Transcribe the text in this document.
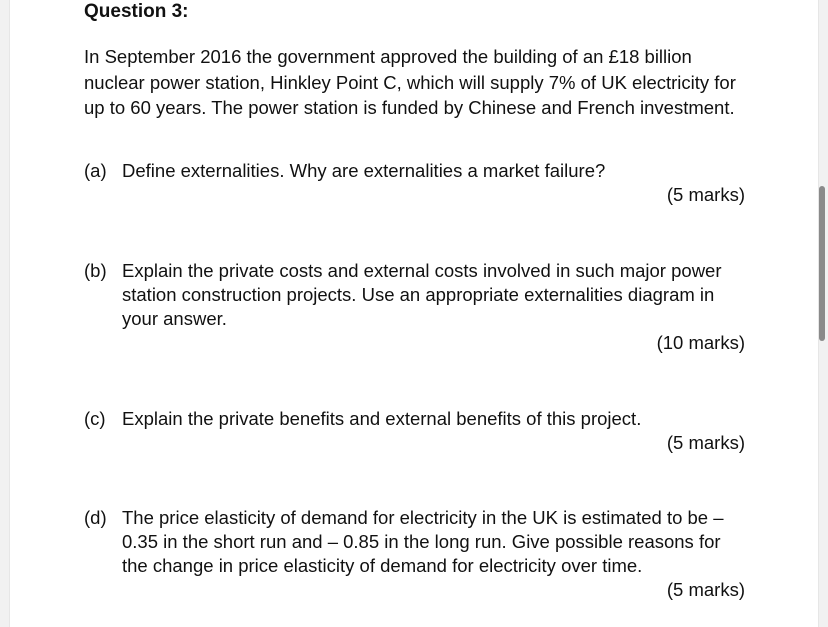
Question 3:
In September 2016 the government approved the building of an £18 billion nuclear power station, Hinkley Point C, which will supply 7% of UK electricity for up to 60 years. The power station is funded by Chinese and French investment.
(a) Define externalities. Why are externalities a market failure?
(5 marks)
(b) Explain the private costs and external costs involved in such major power station construction projects. Use an appropriate externalities diagram in your answer.
(10 marks)
(c) Explain the private benefits and external benefits of this project.
(5 marks)
(d) The price elasticity of demand for electricity in the UK is estimated to be – 0.35 in the short run and – 0.85 in the long run. Give possible reasons for the change in price elasticity of demand for electricity over time.
(5 marks)
